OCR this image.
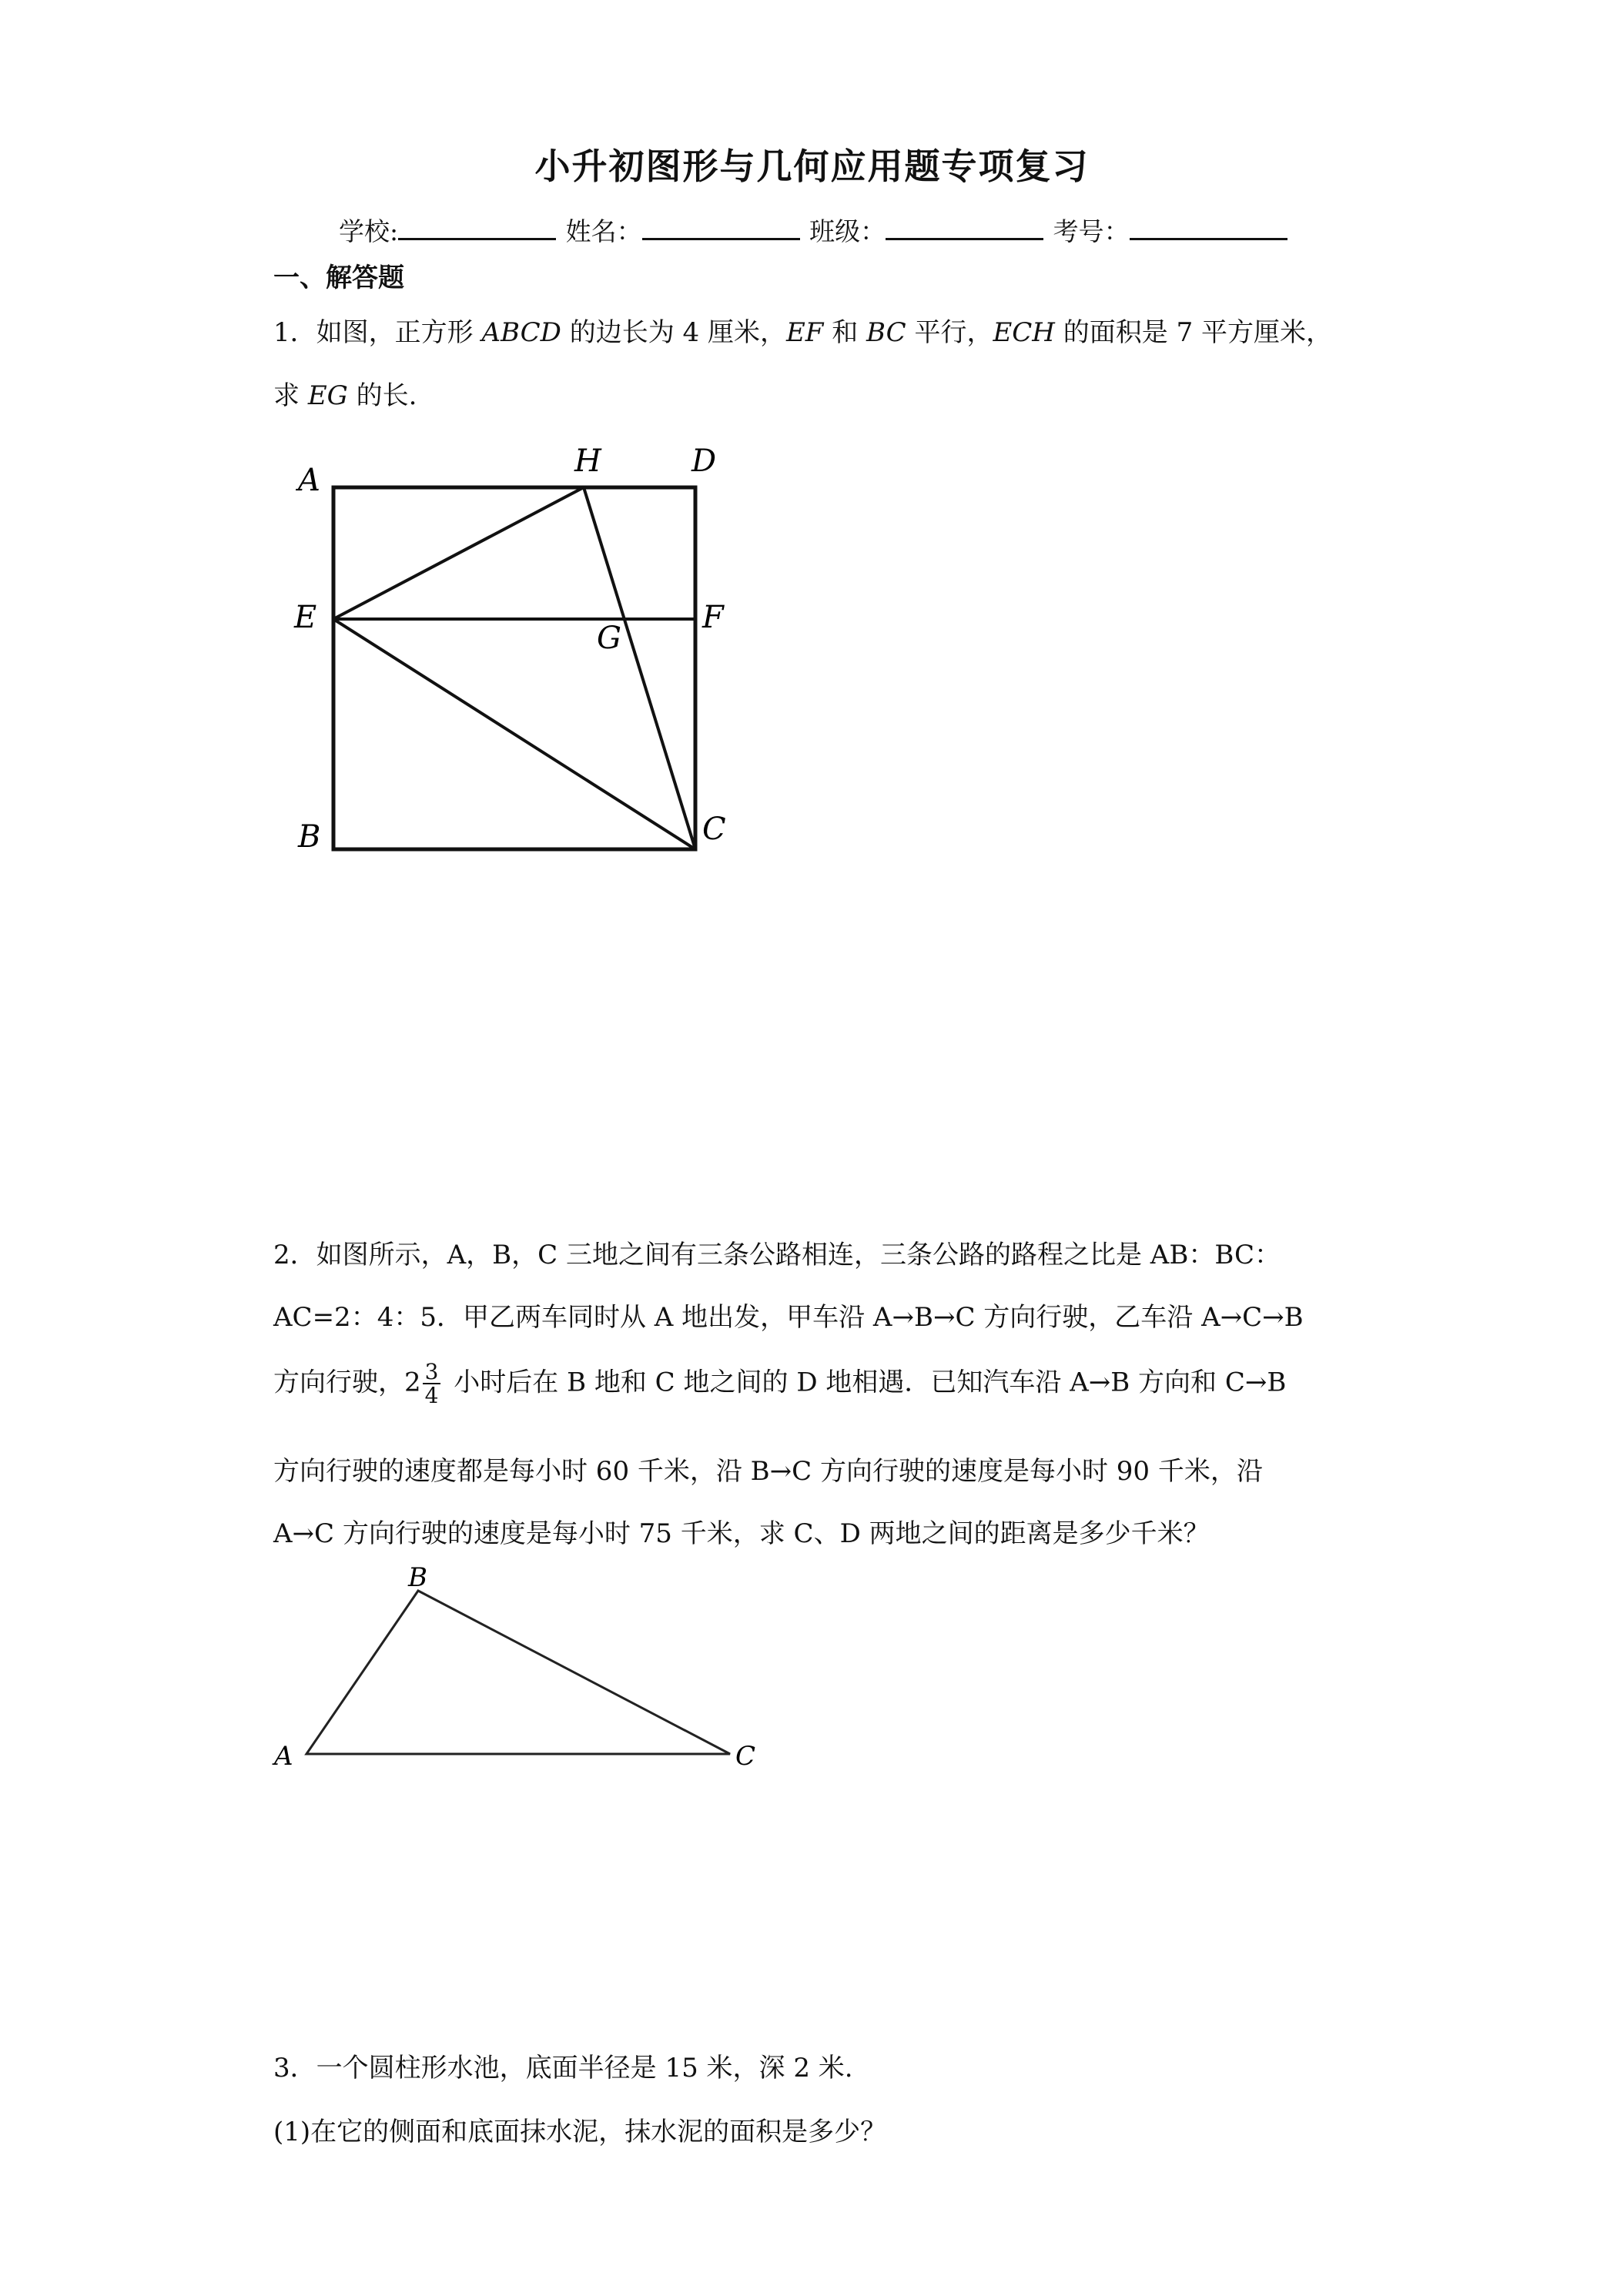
小升初图形与几何应用题专项复习
学校:	姓名：	班级：	考号：
一、解答题
1．如图，正方形 ABCD 的边长为 4 厘米，EF 和 BC 平行，ECH 的面积是 7 平方厘米，
求 EG 的长.
A
H	D
E	F
G
B	C
2．如图所示，A，B，C 三地之间有三条公路相连，三条公路的路程之比是 AB：BC：
AC=2：4：5．甲乙两车同时从 A 地出发，甲车沿 A→B→C 方向行驶，乙车沿 A→C→B
方向行驶，$2 \frac{3}{4}$ 小时后在 B 地和 C 地之间的 D 地相遇．已知汽车沿 A→B 方向和 C→B
方向行驶的速度都是每小时 60 千米，沿 B→C 方向行驶的速度是每小时 90 千米，沿
A→C 方向行驶的速度是每小时 75 千米，求 C、D 两地之间的距离是多少千米？
B
A	C
3．一个圆柱形水池，底面半径是 15 米，深 2 米.
(1)在它的侧面和底面抹水泥，抹水泥的面积是多少？
